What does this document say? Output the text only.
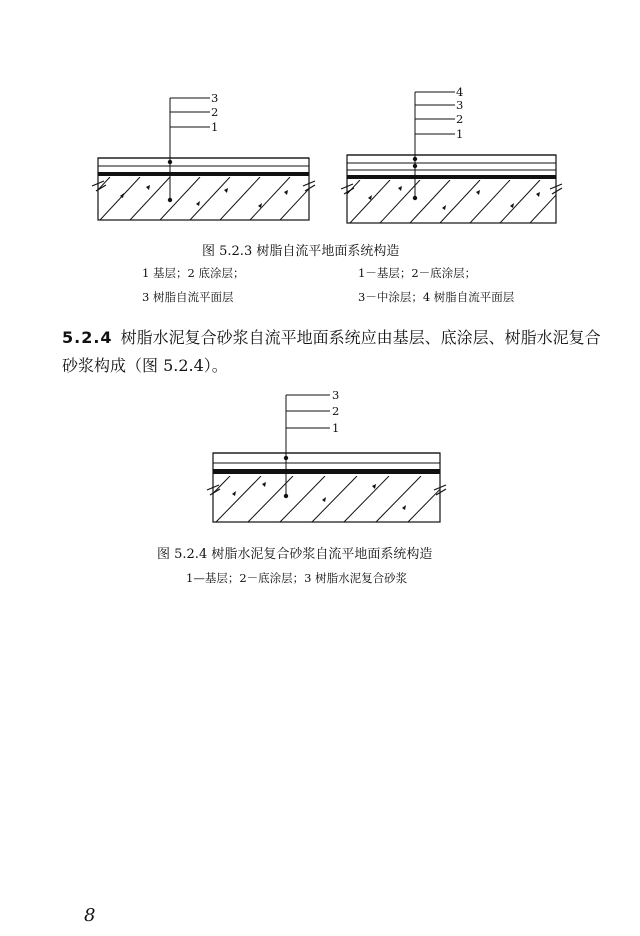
3
2
1
4
3
2
1
图 5.2.3 树脂自流平地面系统构造
1 基层；2 底涂层；
3 树脂自流平面层
1－基层；2－底涂层；
3－中涂层；4 树脂自流平面层
5.2.4 树脂水泥复合砂浆自流平地面系统应由基层、底涂层、树脂水泥复合砂浆构成（图 5.2.4）。
3
2
1
图 5.2.4 树脂水泥复合砂浆自流平地面系统构造
1—基层；2－底涂层；3 树脂水泥复合砂浆
8
